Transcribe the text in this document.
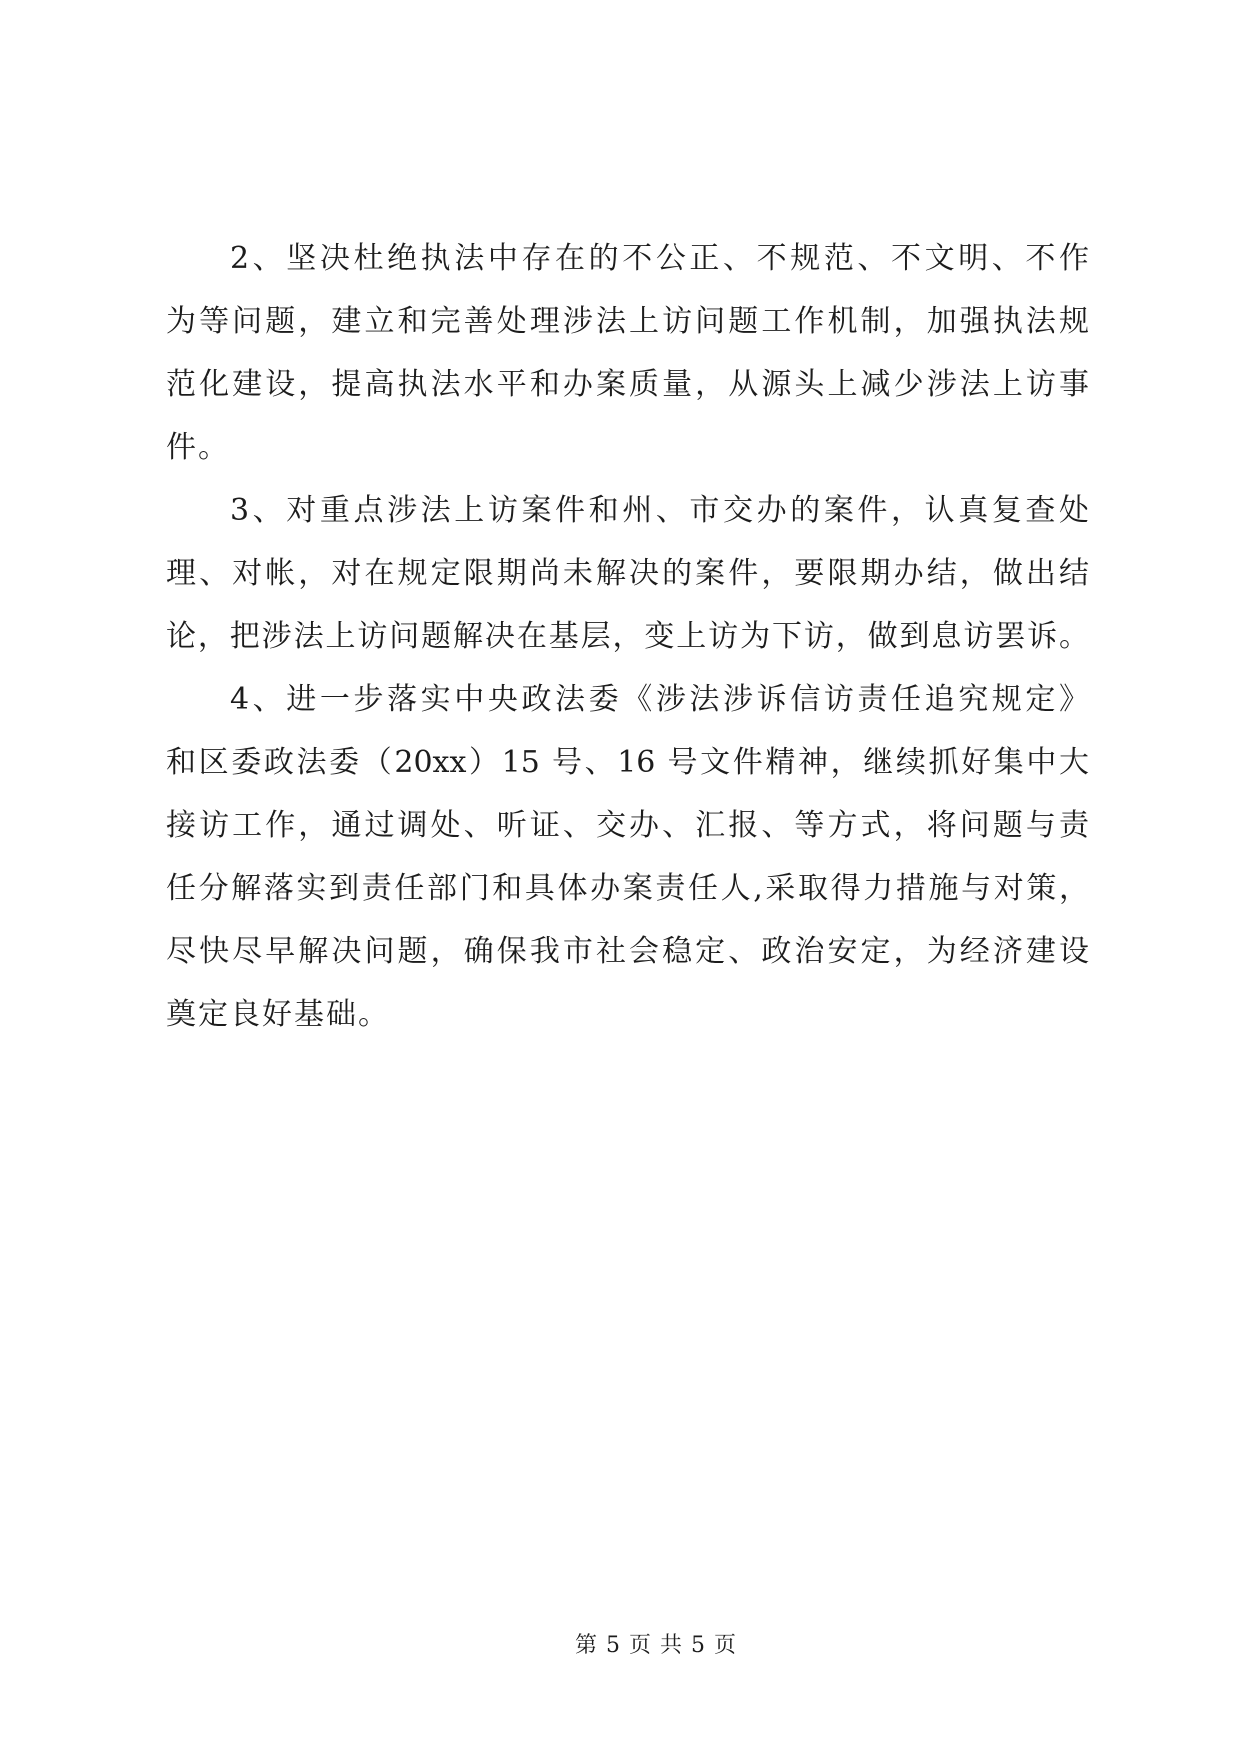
2、坚决杜绝执法中存在的不公正、不规范、不文明、不作
为等问题，建立和完善处理涉法上访问题工作机制，加强执法规
范化建设，提高执法水平和办案质量，从源头上减少涉法上访事
件。
3、对重点涉法上访案件和州、市交办的案件，认真复查处
理、对帐，对在规定限期尚未解决的案件，要限期办结，做出结
论，把涉法上访问题解决在基层，变上访为下访，做到息访罢诉。
4、进一步落实中央政法委《涉法涉诉信访责任追究规定》
和区委政法委（20xx）15 号、16 号文件精神，继续抓好集中大
接访工作，通过调处、听证、交办、汇报、等方式，将问题与责
任分解落实到责任部门和具体办案责任人,采取得力措施与对策，
尽快尽早解决问题，确保我市社会稳定、政治安定，为经济建设
奠定良好基础。
第 5 页 共 5 页
